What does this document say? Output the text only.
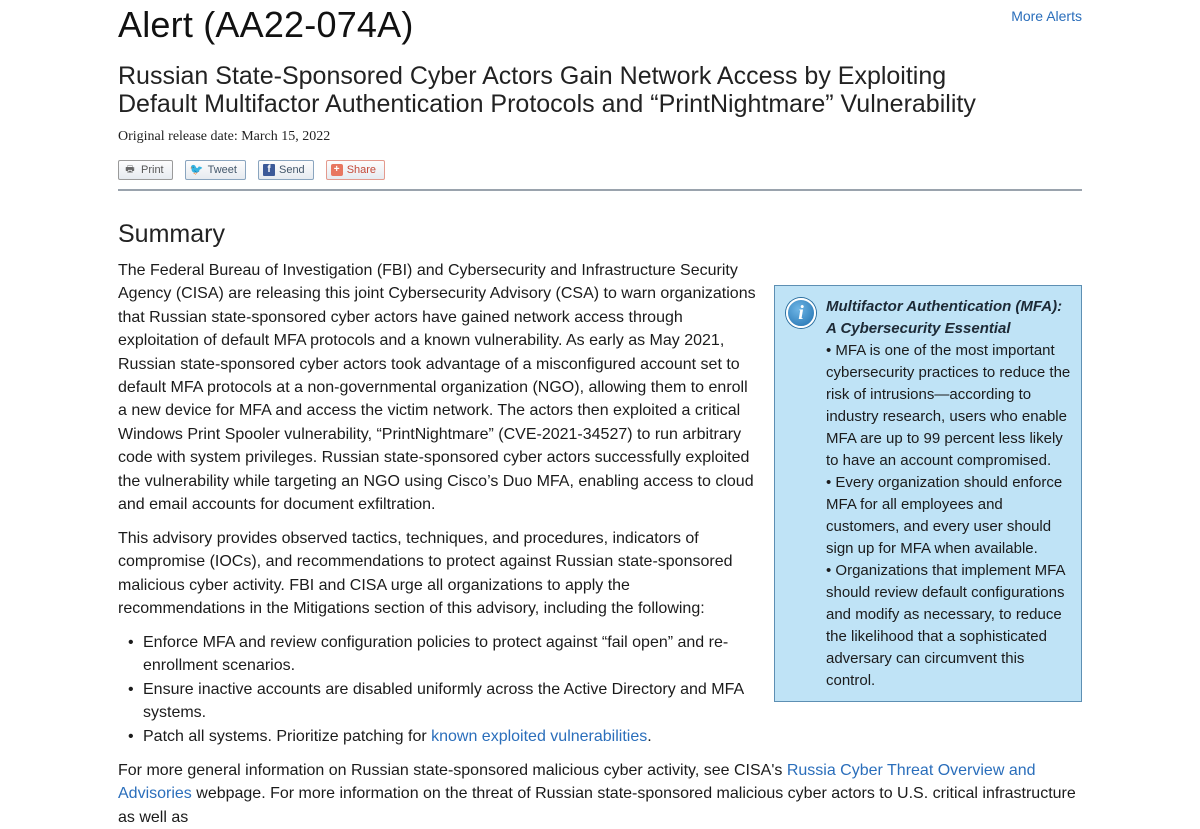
Alert (AA22-074A)	More Alerts
Russian State-Sponsored Cyber Actors Gain Network Access by Exploiting Default Multifactor Authentication Protocols and “PrintNightmare” Vulnerability
Original release date: March 15, 2022
🖶 Print 🐦 Tweet	f Send	+ Share
Summary

The Federal Bureau of Investigation (FBI) and Cybersecurity and Infrastructure Security Agency (CISA) are releasing this joint Cybersecurity Advisory (CSA) to warn organizations that Russian state-sponsored cyber actors have gained network access through exploitation of default MFA protocols and a known vulnerability. As early as May 2021, Russian state-sponsored cyber actors took advantage of a misconfigured account set to default MFA protocols at a non-governmental organization (NGO), allowing them to enroll a new device for MFA and access the victim network. The actors then exploited a critical Windows Print Spooler vulnerability, “PrintNightmare” (CVE-2021-34527) to run arbitrary code with system privileges. Russian state-sponsored cyber actors successfully exploited the vulnerability while targeting an NGO using Cisco’s Duo MFA, enabling access to cloud and email accounts for document exfiltration.

This advisory provides observed tactics, techniques, and procedures, indicators of compromise (IOCs), and recommendations to protect against Russian state-sponsored malicious cyber activity. FBI and CISA urge all organizations to apply the recommendations in the Mitigations section of this advisory, including the following:

• Enforce MFA and review configuration policies to protect against “fail open” and re-enrollment scenarios.
• Ensure inactive accounts are disabled uniformly across the Active Directory and MFA systems.
• Patch all systems. Prioritize patching for known exploited vulnerabilities.

For more general information on Russian state-sponsored malicious cyber activity, see CISA's Russia Cyber Threat Overview and Advisories webpage. For more information on the threat of Russian state-sponsored malicious cyber actors to U.S. critical infrastructure as well as

i	Multifactor Authentication (MFA): A Cybersecurity Essential
• MFA is one of the most important cybersecurity practices to reduce the risk of intrusions—according to industry research, users who enable MFA are up to 99 percent less likely to have an account compromised.
• Every organization should enforce MFA for all employees and customers, and every user should sign up for MFA when available.
• Organizations that implement MFA should review default configurations and modify as necessary, to reduce the likelihood that a sophisticated adversary can circumvent this control.
